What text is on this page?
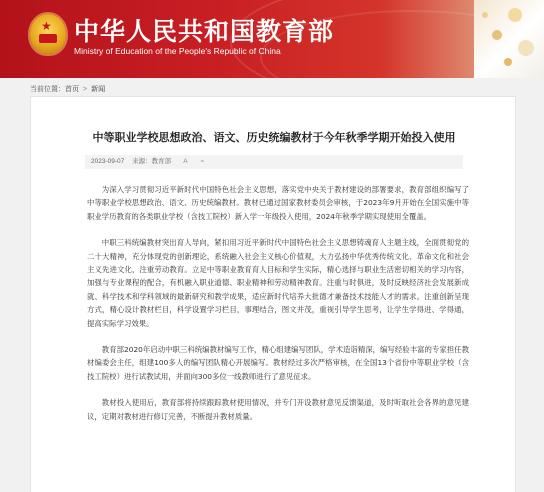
★ 中华人民共和国教育部
Ministry of Education of the People's Republic of China
当前位置：首页 > 新闻
中等职业学校思想政治、语文、历史统编教材于今年秋季学期开始投入使用
2023-09-07 来源：教育部 A ⌁

为深入学习贯彻习近平新时代中国特色社会主义思想，落实党中央关于教材建设的部署要求，教育部组织编写了中等职业学校思想政治、语文、历史统编教材。教材已通过国家教材委员会审核，于2023年9月开始在全国实施中等职业学历教育的各类职业学校（含技工院校）新入学一年级投入使用，2024年秋季学期实现使用全覆盖。

中职三科统编教材突出育人导向，紧扣用习近平新时代中国特色社会主义思想铸魂育人主题主线，全面贯彻党的二十大精神，充分体现党的创新理论，系统融入社会主义核心价值观，大力弘扬中华优秀传统文化、革命文化和社会主义先进文化，注重劳动教育。立足中等职业教育育人目标和学生实际，精心选择与职业生活密切相关的学习内容，加强与专业课程的配合，有机融入职业道德、职业精神和劳动精神教育。注重与时俱进，及时反映经济社会发展新成就、科学技术和学科领域的最新研究和教学成果，适应新时代培养大批德才兼备技术技能人才的需求。注重创新呈现方式，精心设计教材栏目，科学设置学习栏目，事理结合，图文并茂，重视引导学生思考，让学生学得进、学得通，提高实际学习效果。

教育部2020年启动中职三科统编教材编写工作，精心组建编写团队，学术造诣精深，编写经验丰富的专家担任教材编委会主任，组建100多人的编写团队精心开展编写。教材经过多次严格审核，在全国13个省份中等职业学校（含技工院校）进行试教试用，并面向300多位一线教师进行了意见征求。

教材投入使用后，教育部将持续跟踪教材使用情况，并专门开设教材意见反馈渠道，及时听取社会各界的意见建议，定期对教材进行修订完善，不断提升教材质量。
